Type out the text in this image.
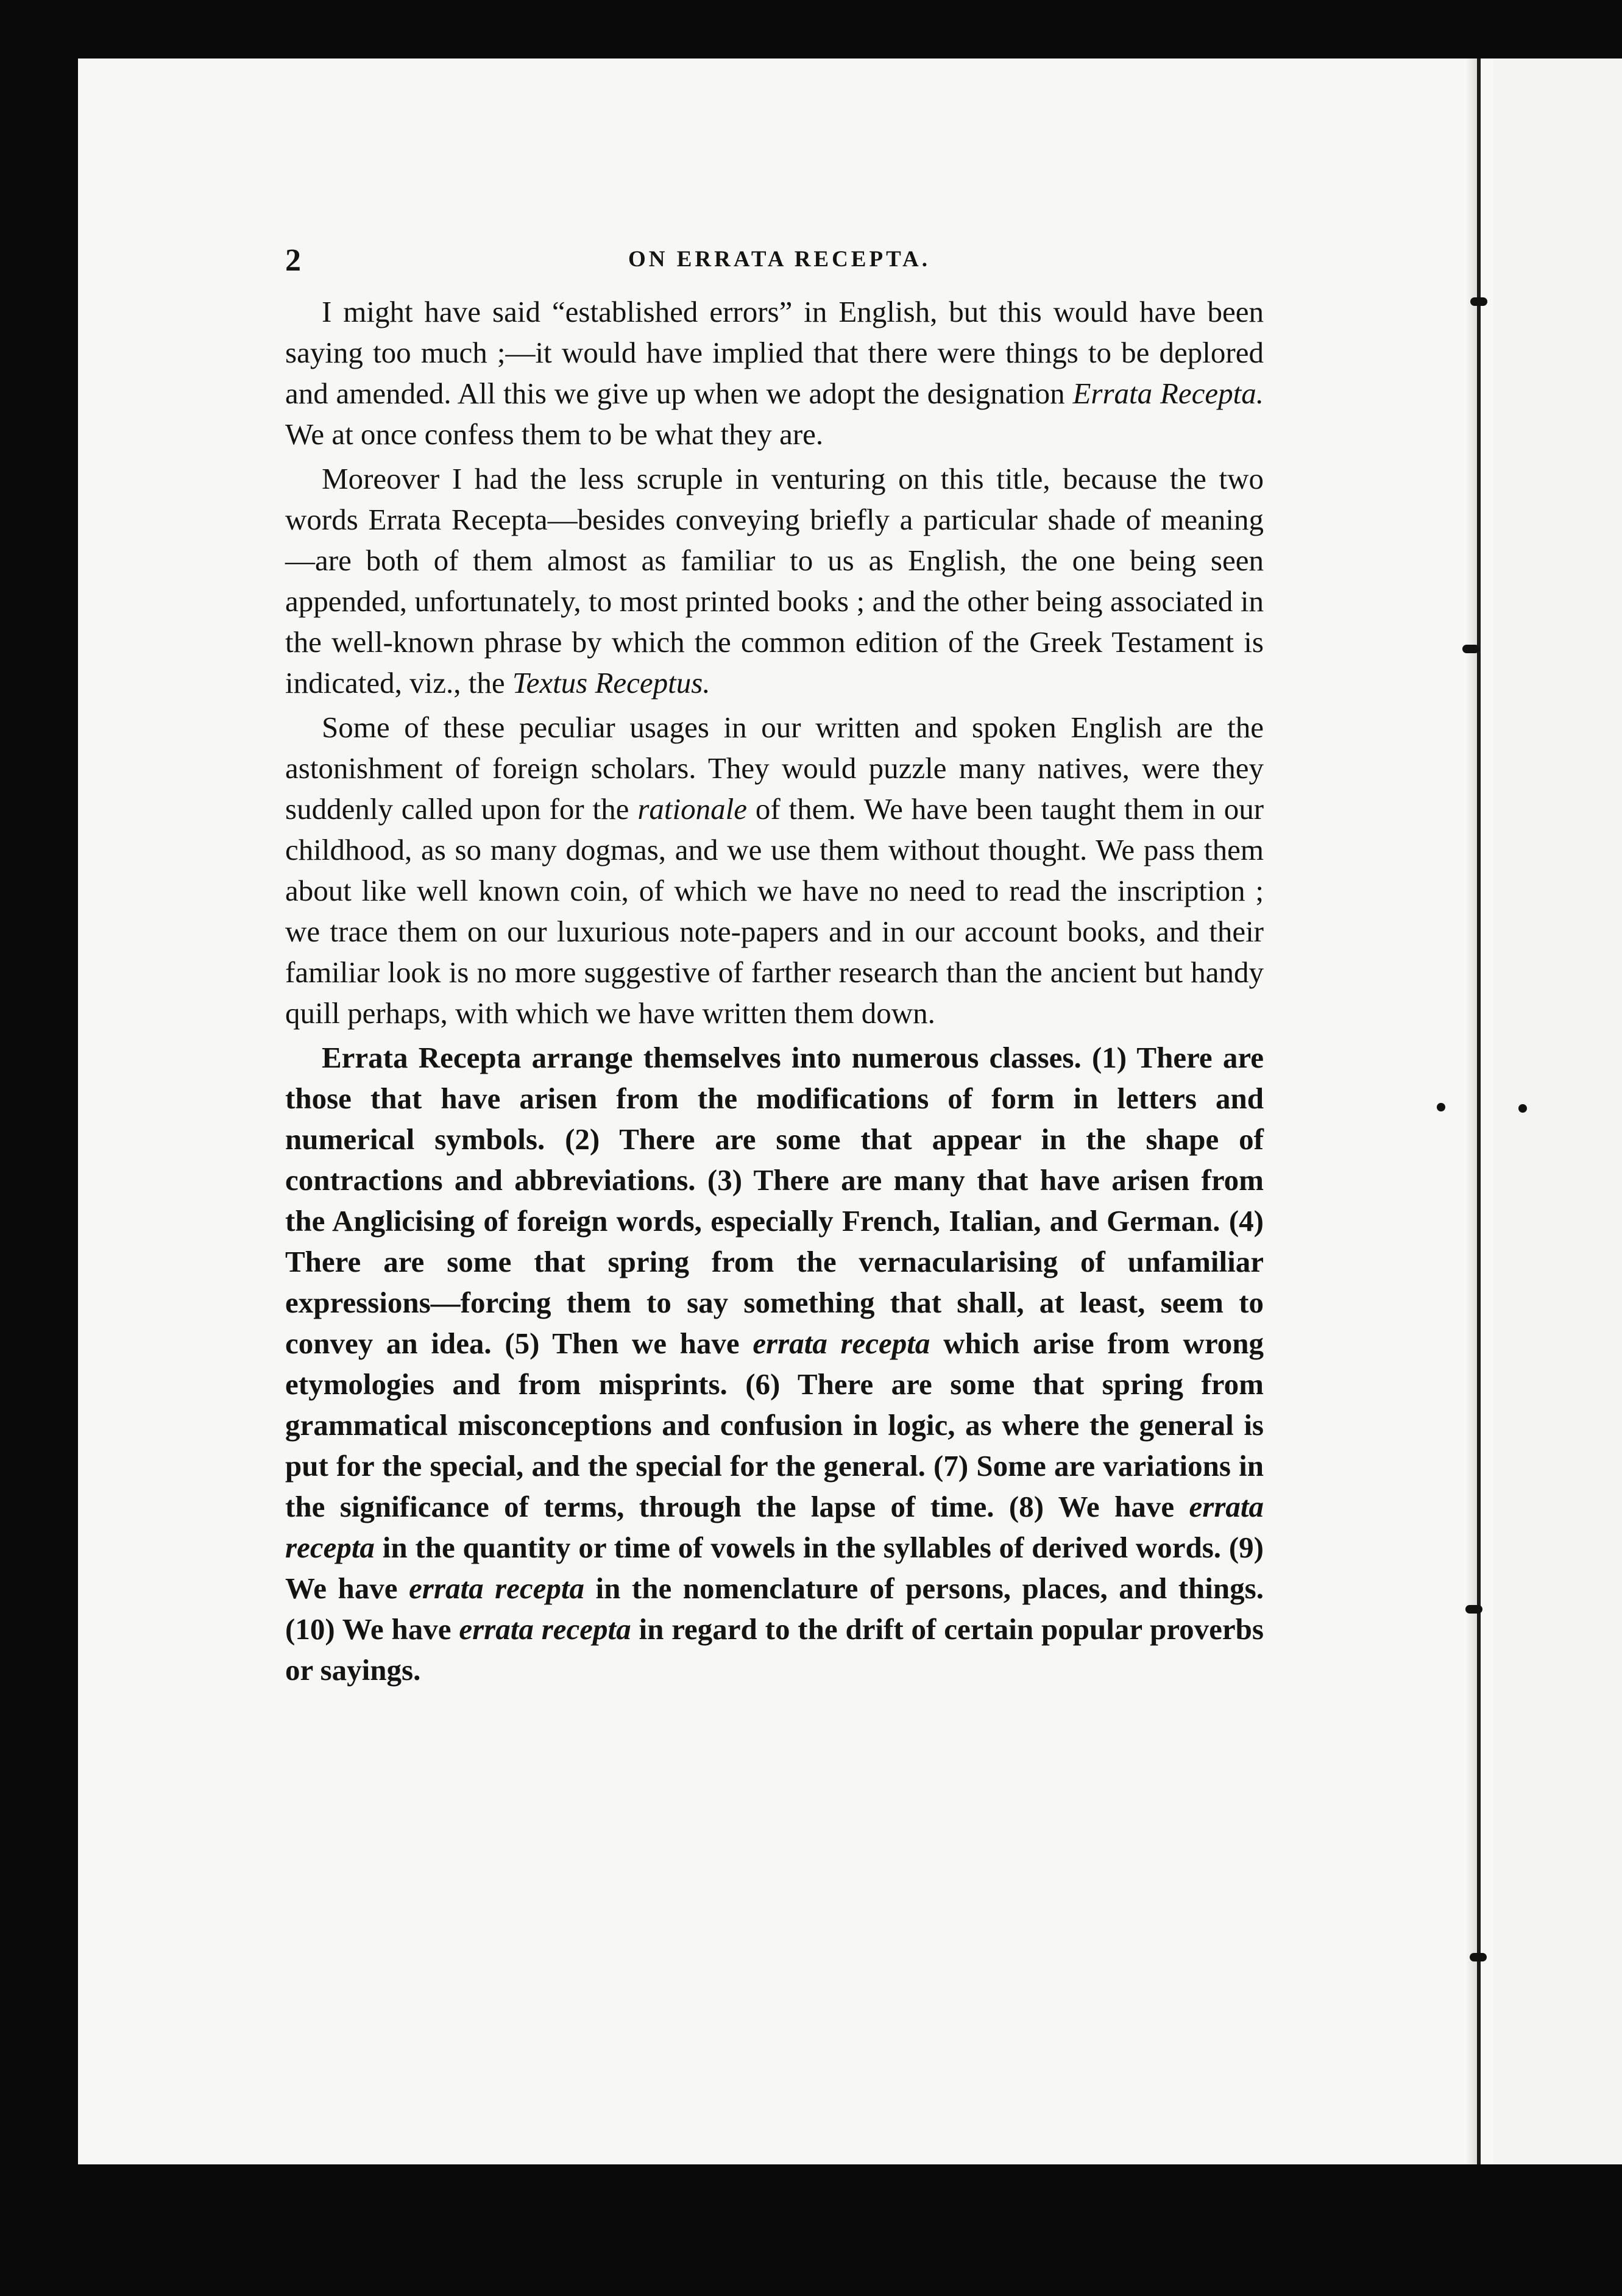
2	ON ERRATA RECEPTA.

I might have said “established errors” in English, but this would have been saying too much ;—it would have implied that there were things to be deplored and amended. All this we give up when we adopt the designation Errata Recepta. We at once confess them to be what they are.

Moreover I had the less scruple in venturing on this title, because the two words Errata Recepta—besides conveying briefly a particular shade of meaning—are both of them almost as familiar to us as English, the one being seen appended, unfortunately, to most printed books ; and the other being associated in the well-known phrase by which the common edition of the Greek Testament is indicated, viz., the Textus Receptus.

Some of these peculiar usages in our written and spoken English are the astonishment of foreign scholars. They would puzzle many natives, were they suddenly called upon for the rationale of them. We have been taught them in our childhood, as so many dogmas, and we use them without thought. We pass them about like well known coin, of which we have no need to read the inscription ; we trace them on our luxurious note-papers and in our account books, and their familiar look is no more suggestive of farther research than the ancient but handy quill perhaps, with which we have written them down.

Errata Recepta arrange themselves into numerous classes. (1) There are those that have arisen from the modifications of form in letters and numerical symbols. (2) There are some that appear in the shape of contractions and abbreviations. (3) There are many that have arisen from the Anglicising of foreign words, especially French, Italian, and German. (4) There are some that spring from the vernacularising of unfamiliar expressions—forcing them to say something that shall, at least, seem to convey an idea. (5) Then we have errata recepta which arise from wrong etymologies and from misprints. (6) There are some that spring from grammatical misconceptions and confusion in logic, as where the general is put for the special, and the special for the general. (7) Some are variations in the significance of terms, through the lapse of time. (8) We have errata recepta in the quantity or time of vowels in the syllables of derived words. (9) We have errata recepta in the nomenclature of persons, places, and things. (10) We have errata recepta in regard to the drift of certain popular proverbs or sayings.
